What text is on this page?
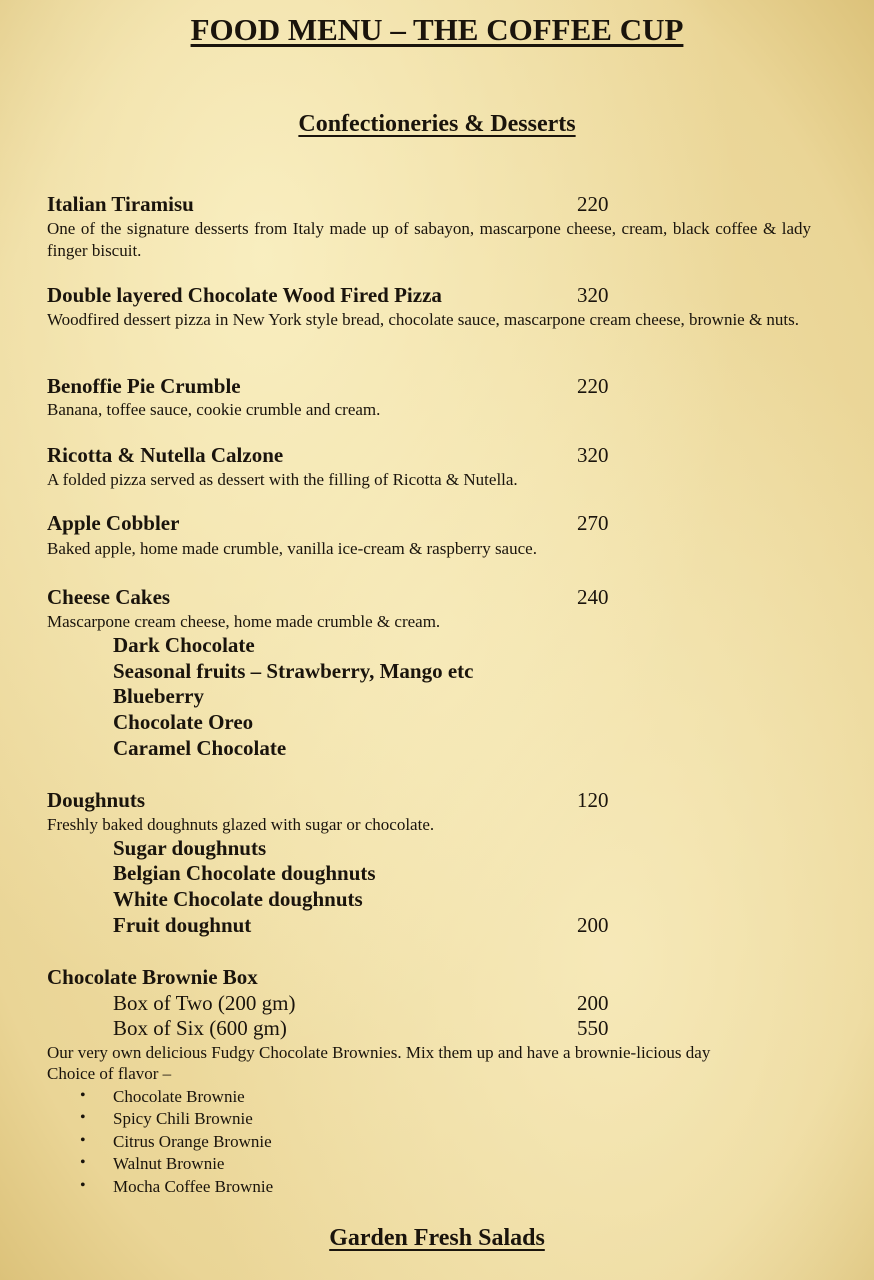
FOOD MENU – THE COFFEE CUP
Confectioneries & Desserts
Italian Tiramisu	220
One of the signature desserts from Italy made up of sabayon, mascarpone cheese, cream, black coffee & lady finger biscuit.
Double layered Chocolate Wood Fired Pizza	320
Woodfired dessert pizza in New York style bread, chocolate sauce, mascarpone cream cheese, brownie & nuts.
Benoffie Pie Crumble	220
Banana, toffee sauce, cookie crumble and cream.
Ricotta & Nutella Calzone	320
A folded pizza served as dessert with the filling of Ricotta & Nutella.
Apple Cobbler	270
Baked apple, home made crumble, vanilla ice-cream & raspberry sauce.
Cheese Cakes	240
Mascarpone cream cheese, home made crumble & cream.
Dark Chocolate
Seasonal fruits – Strawberry, Mango etc
Blueberry
Chocolate Oreo
Caramel Chocolate
Doughnuts	120
Freshly baked doughnuts glazed with sugar or chocolate.
Sugar doughnuts
Belgian Chocolate doughnuts
White Chocolate doughnuts
Fruit doughnut	200
Chocolate Brownie Box
Box of Two (200 gm)	200
Box of Six (600 gm)	550
Our very own delicious Fudgy Chocolate Brownies. Mix them up and have a brownie-licious day
Choice of flavor –
• Chocolate Brownie
• Spicy Chili Brownie
• Citrus Orange Brownie
• Walnut Brownie
• Mocha Coffee Brownie
Garden Fresh Salads
